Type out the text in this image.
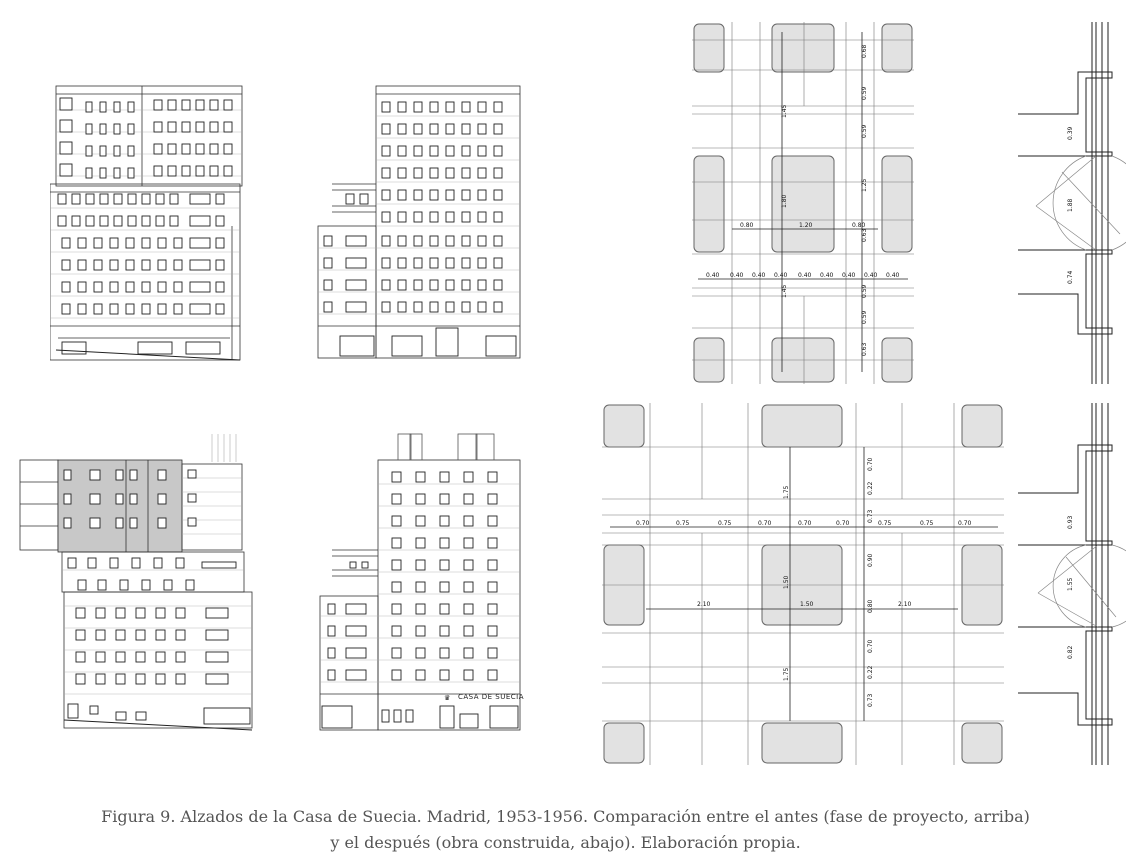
0.80	1.20	0.80
0.40 0.40 0.40 0.40 0.40 0.40 0.40 0.40 0.40
1.45
1.80
1.45
0.68
0.59
0.59
1.25
0.63
0.59
0.59
0.63
0.39
1.88
0.74
CASA DE SUECIA
♛
0.70	0.75	0.75	0.70	0.70	0.70	0.75	0.75	0.70
2.10	1.50	2.10
1.75
1.50
1.75
0.70
0.22
0.73
0.90
0.80
0.70
0.22
0.73
0.93
1.55
0.82
Figura 9. Alzados de la Casa de Suecia. Madrid, 1953-1956. Comparación entre el antes (fase de proyecto, arriba)
y el después (obra construida, abajo). Elaboración propia.
